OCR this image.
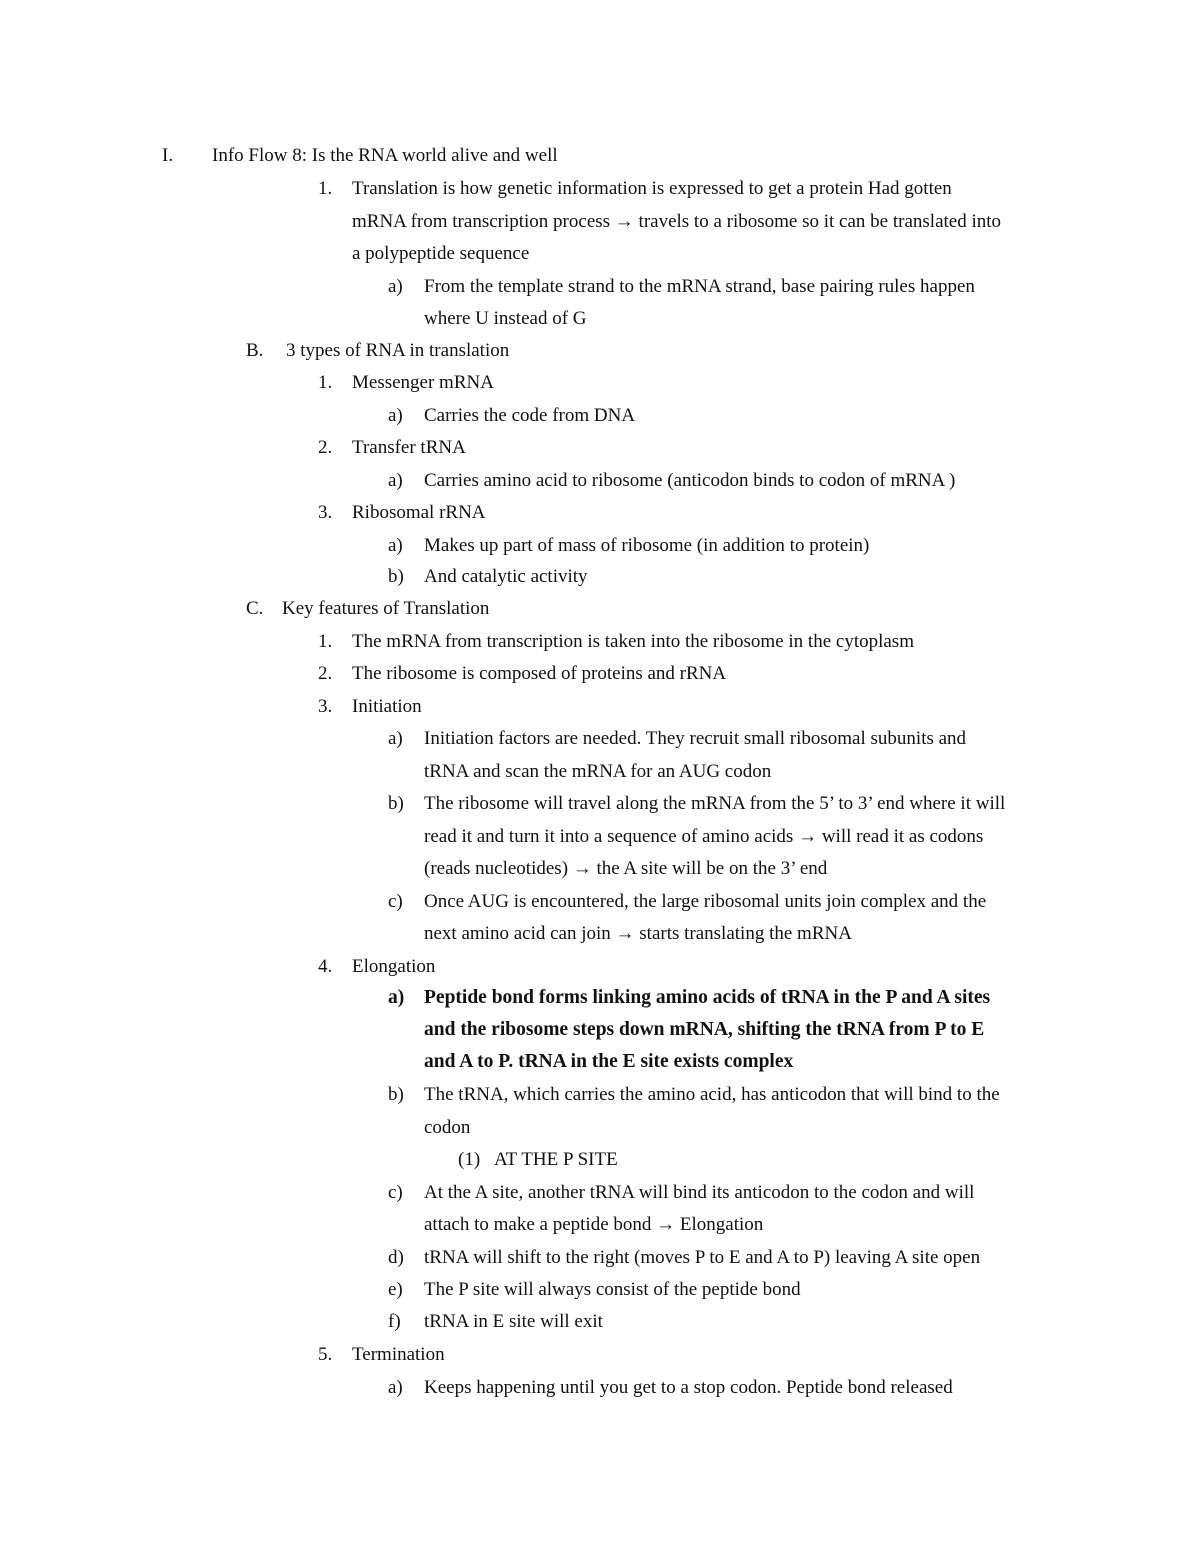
I. Info Flow 8: Is the RNA world alive and well
1. Translation is how genetic information is expressed to get a protein Had gotten
mRNA from transcription process → travels to a ribosome so it can be translated into
a polypeptide sequence
a) From the template strand to the mRNA strand, base pairing rules happen
where U instead of G
B. 3 types of RNA in translation
1. Messenger mRNA
a) Carries the code from DNA
2. Transfer tRNA
a) Carries amino acid to ribosome (anticodon binds to codon of mRNA )
3. Ribosomal rRNA
a) Makes up part of mass of ribosome (in addition to protein)
b) And catalytic activity
C. Key features of Translation
1. The mRNA from transcription is taken into the ribosome in the cytoplasm
2. The ribosome is composed of proteins and rRNA
3. Initiation
a) Initiation factors are needed. They recruit small ribosomal subunits and
tRNA and scan the mRNA for an AUG codon
b) The ribosome will travel along the mRNA from the 5’ to 3’ end where it will
read it and turn it into a sequence of amino acids → will read it as codons
(reads nucleotides) → the A site will be on the 3’ end
c) Once AUG is encountered, the large ribosomal units join complex and the
next amino acid can join → starts translating the mRNA
4. Elongation
a) Peptide bond forms linking amino acids of tRNA in the P and A sites
and the ribosome steps down mRNA, shifting the tRNA from P to E
and A to P. tRNA in the E site exists complex
b) The tRNA, which carries the amino acid, has anticodon that will bind to the
codon
(1) AT THE P SITE
c) At the A site, another tRNA will bind its anticodon to the codon and will
attach to make a peptide bond → Elongation
d) tRNA will shift to the right (moves P to E and A to P) leaving A site open
e) The P site will always consist of the peptide bond
f) tRNA in E site will exit
5. Termination
a) Keeps happening until you get to a stop codon. Peptide bond released
